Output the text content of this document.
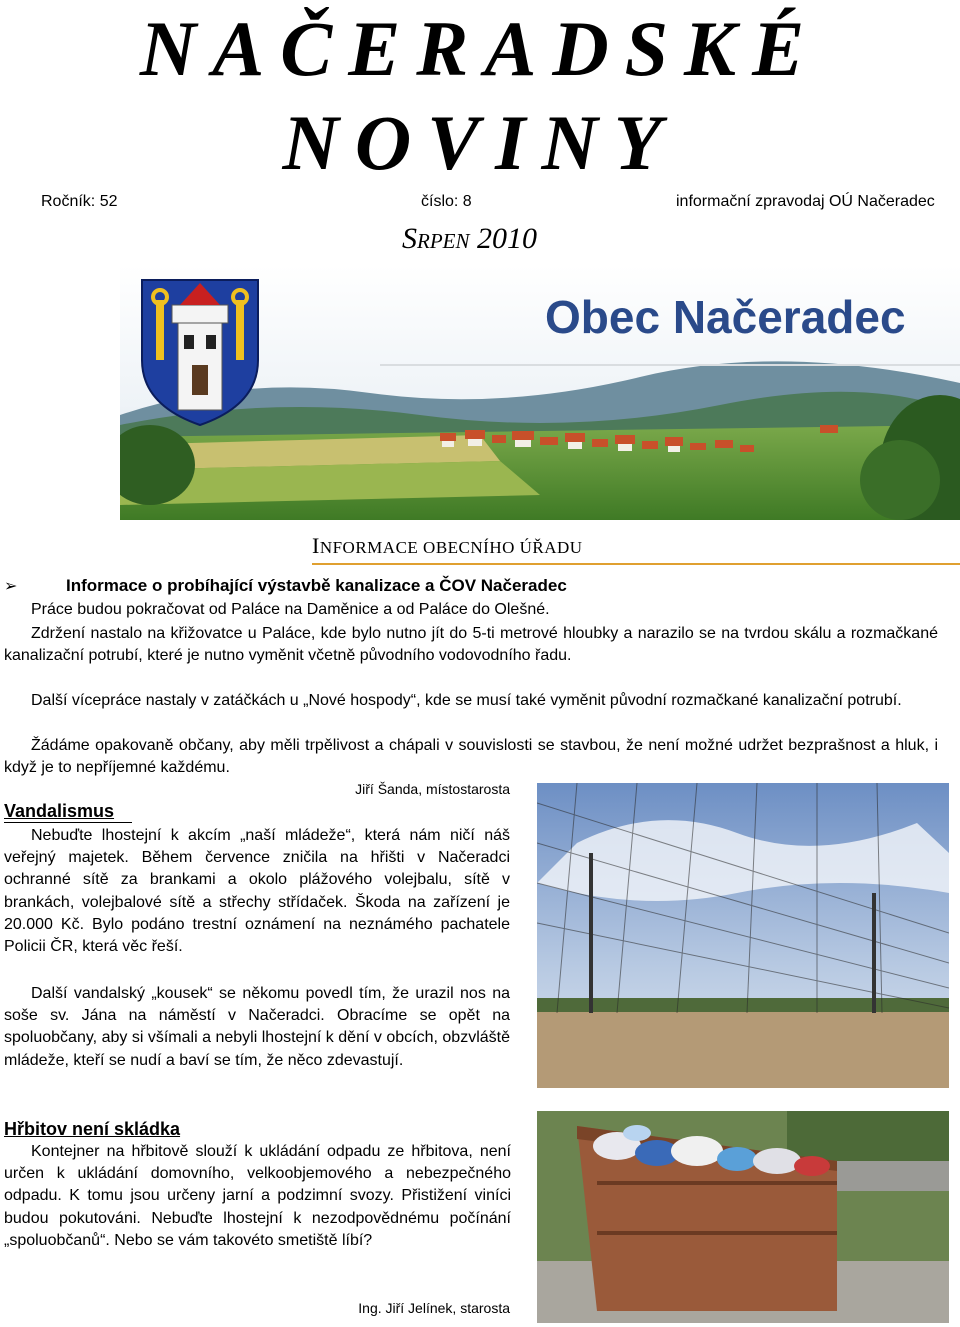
NAČERADSKÉ
NOVINY
Ročník: 52	číslo: 8	informační zpravodaj OÚ Načeradec
SRPEN 2010
Obec Načeradec
INFORMACE OBECNÍHO ÚŘADU
➢	Informace o probíhající výstavbě kanalizace a ČOV Načeradec
Práce budou pokračovat od Paláce na Daměnice a od Paláce do Olešné.
Zdržení nastalo na křižovatce u Paláce, kde bylo nutno jít do 5-ti metrové hloubky a narazilo se na tvrdou skálu a rozmačkané kanalizační potrubí, které je nutno vyměnit včetně původního vodovodního řadu.
Další vícepráce nastaly v zatáčkách u „Nové hospody“, kde se musí také vyměnit původní rozmačkané kanalizační potrubí.
Žádáme opakovaně občany, aby měli trpělivost a chápali v souvislosti se stavbou, že není možné udržet bezprašnost a hluk, i když je to nepříjemné každému.
Jiří Šanda, místostarosta
Vandalismus
Nebuďte lhostejní k akcím „naší mládeže“, která nám ničí náš veřejný majetek. Během července zničila na hřišti v Načeradci ochranné sítě za brankami a okolo plážového volejbalu, sítě v brankách, volejbalové sítě a střechy střídaček. Škoda na zařízení je 20.000 Kč. Bylo podáno trestní oznámení na neznámého pachatele Policii ČR, která věc řeší.
Další vandalský „kousek“ se někomu povedl tím, že urazil nos na soše sv. Jána na náměstí v Načeradci. Obracíme se opět na spoluobčany, aby si všímali a nebyli lhostejní k dění v obcích, obzvláště mládeže, kteří se nudí a baví se tím, že něco zdevastují.
Hřbitov není skládka
Kontejner na hřbitově slouží k ukládání odpadu ze hřbitova, není určen k ukládání domovního, velkoobjemového a nebezpečného odpadu. K tomu jsou určeny jarní a podzimní svozy. Přistižení viníci budou pokutováni. Nebuďte lhostejní k nezodpovědnému počínání „spoluobčanů“. Nebo se vám takovéto smetiště líbí?
Ing. Jiří Jelínek, starosta
